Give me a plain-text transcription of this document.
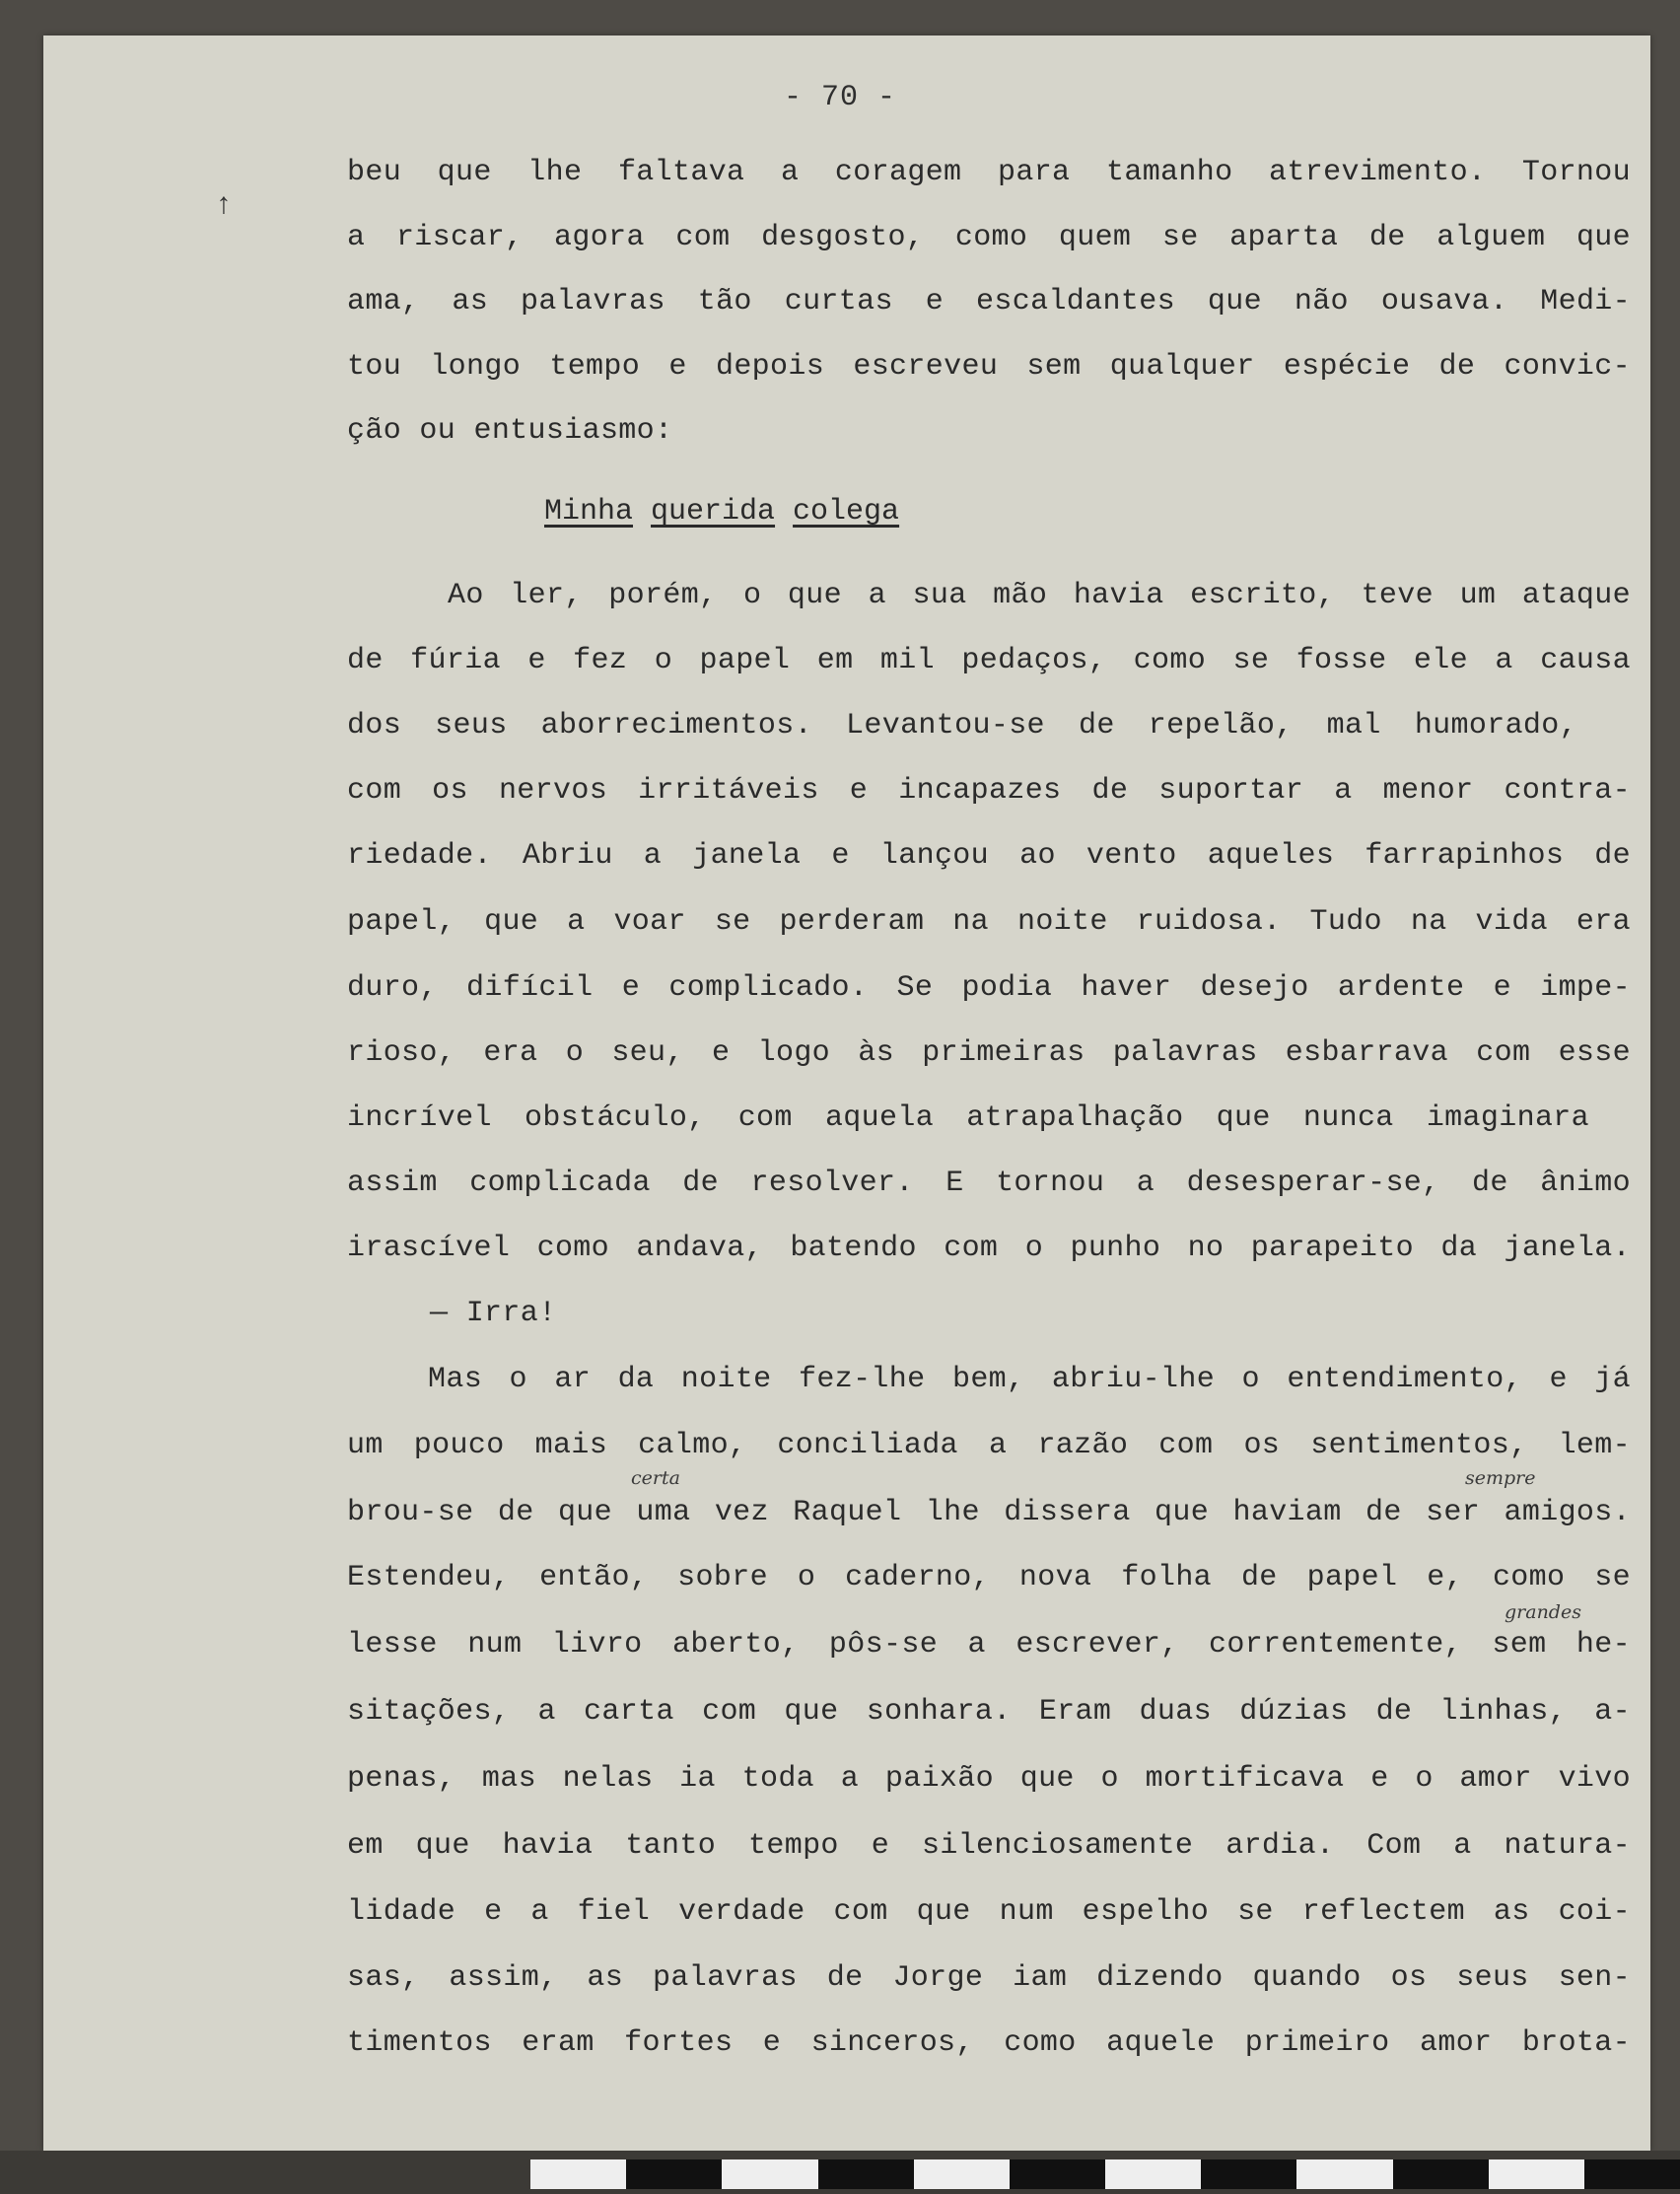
- 70 -
↑
beu que lhe faltava a coragem para tamanho atrevimento. Tornou
a riscar, agora com desgosto, como quem se aparta de alguem que
ama, as palavras tão curtas e escaldantes que não ousava. Medi-
tou longo tempo e depois escreveu sem qualquer espécie de convic-
ção ou entusiasmo:
Minha querida colega
Ao ler, porém, o que a sua mão havia escrito, teve um ataque
de fúria e fez o papel em mil pedaços, como se fosse ele a causa
dos seus aborrecimentos. Levantou-se de repelão, mal humorado,
com os nervos irritáveis e incapazes de suportar a menor contra-
riedade. Abriu a janela e lançou ao vento aqueles farrapinhos de
papel, que a voar se perderam na noite ruidosa. Tudo na vida era
duro, difícil e complicado. Se podia haver desejo ardente e impe-
rioso, era o seu, e logo às primeiras palavras esbarrava com esse
incrível obstáculo, com aquela atrapalhação que nunca imaginara
assim complicada de resolver. E tornou a desesperar-se, de ânimo
irascível como andava, batendo com o punho no parapeito da janela.
— Irra!
Mas o ar da noite fez-lhe bem, abriu-lhe o entendimento, e já
um pouco mais calmo, conciliada a razão com os sentimentos, lem-
brou-se de que uma vez Raquel lhe dissera que haviam de ser amigos.
Estendeu, então, sobre o caderno, nova folha de papel e, como se
lesse num livro aberto, pôs-se a escrever, correntemente, sem he-
sitações, a carta com que sonhara. Eram duas dúzias de linhas, a-
penas, mas nelas ia toda a paixão que o mortificava e o amor vivo
em que havia tanto tempo e silenciosamente ardia. Com a natura-
lidade e a fiel verdade com que num espelho se reflectem as coi-
sas, assim, as palavras de Jorge iam dizendo quando os seus sen-
timentos eram fortes e sinceros, como aquele primeiro amor brota-
certa	sempre
grandes
